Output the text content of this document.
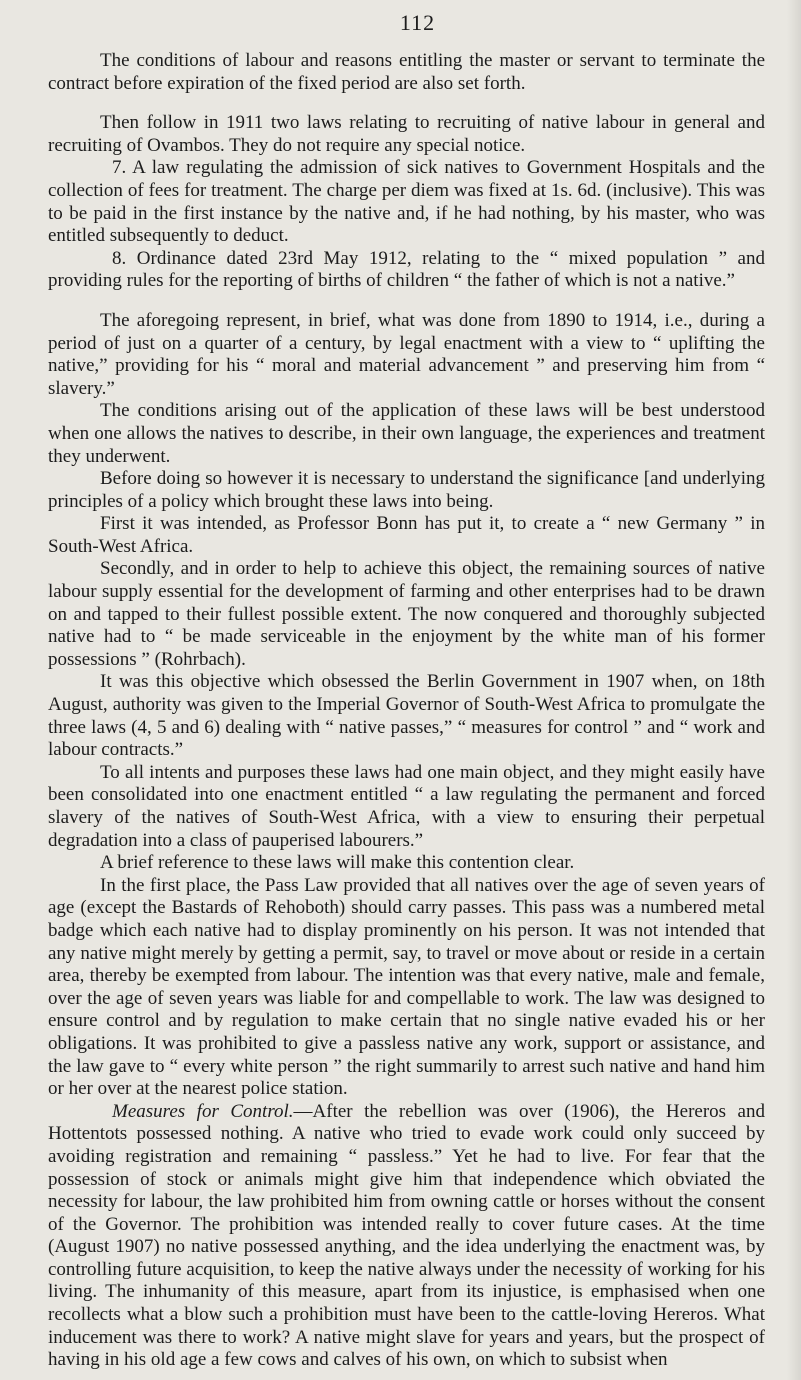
112

The conditions of labour and reasons entitling the master or servant to terminate the contract before expiration of the fixed period are also set forth.

Then follow in 1911 two laws relating to recruiting of native labour in general and recruiting of Ovambos. They do not require any special notice.

7. A law regulating the admission of sick natives to Government Hospitals and the collection of fees for treatment. The charge per diem was fixed at 1s. 6d. (inclusive). This was to be paid in the first instance by the native and, if he had nothing, by his master, who was entitled subsequently to deduct.

8. Ordinance dated 23rd May 1912, relating to the “ mixed population ” and providing rules for the reporting of births of children “ the father of which is not a native.”

The aforegoing represent, in brief, what was done from 1890 to 1914, i.e., during a period of just on a quarter of a century, by legal enactment with a view to “ uplifting the native,” providing for his “ moral and material advancement ” and preserving him from “ slavery.”

The conditions arising out of the application of these laws will be best understood when one allows the natives to describe, in their own language, the experiences and treatment they underwent.

Before doing so however it is necessary to understand the significance [and underlying principles of a policy which brought these laws into being.

First it was intended, as Professor Bonn has put it, to create a “ new Germany ” in South-West Africa.

Secondly, and in order to help to achieve this object, the remaining sources of native labour supply essential for the development of farming and other enterprises had to be drawn on and tapped to their fullest possible extent. The now conquered and thoroughly subjected native had to “ be made serviceable in the enjoyment by the white man of his former possessions ” (Rohrbach).

It was this objective which obsessed the Berlin Government in 1907 when, on 18th August, authority was given to the Imperial Governor of South-West Africa to promulgate the three laws (4, 5 and 6) dealing with “ native passes,” “ measures for control ” and “ work and labour contracts.”

To all intents and purposes these laws had one main object, and they might easily have been consolidated into one enactment entitled “ a law regulating the permanent and forced slavery of the natives of South-West Africa, with a view to ensuring their perpetual degradation into a class of pauperised labourers.”

A brief reference to these laws will make this contention clear.

In the first place, the Pass Law provided that all natives over the age of seven years of age (except the Bastards of Rehoboth) should carry passes. This pass was a numbered metal badge which each native had to display prominently on his person. It was not intended that any native might merely by getting a permit, say, to travel or move about or reside in a certain area, thereby be exempted from labour. The intention was that every native, male and female, over the age of seven years was liable for and compellable to work. The law was designed to ensure control and by regulation to make certain that no single native evaded his or her obligations. It was prohibited to give a passless native any work, support or assistance, and the law gave to “ every white person ” the right summarily to arrest such native and hand him or her over at the nearest police station.

Measures for Control.—After the rebellion was over (1906), the Hereros and Hottentots possessed nothing. A native who tried to evade work could only succeed by avoiding registration and remaining “ passless.” Yet he had to live. For fear that the possession of stock or animals might give him that independence which obviated the necessity for labour, the law prohibited him from owning cattle or horses without the consent of the Governor. The prohibition was intended really to cover future cases. At the time (August 1907) no native possessed anything, and the idea underlying the enactment was, by controlling future acquisition, to keep the native always under the necessity of working for his living. The inhumanity of this measure, apart from its injustice, is emphasised when one recollects what a blow such a prohibition must have been to the cattle-loving Hereros. What inducement was there to work? A native might slave for years and years, but the prospect of having in his old age a few cows and calves of his own, on which to subsist when
